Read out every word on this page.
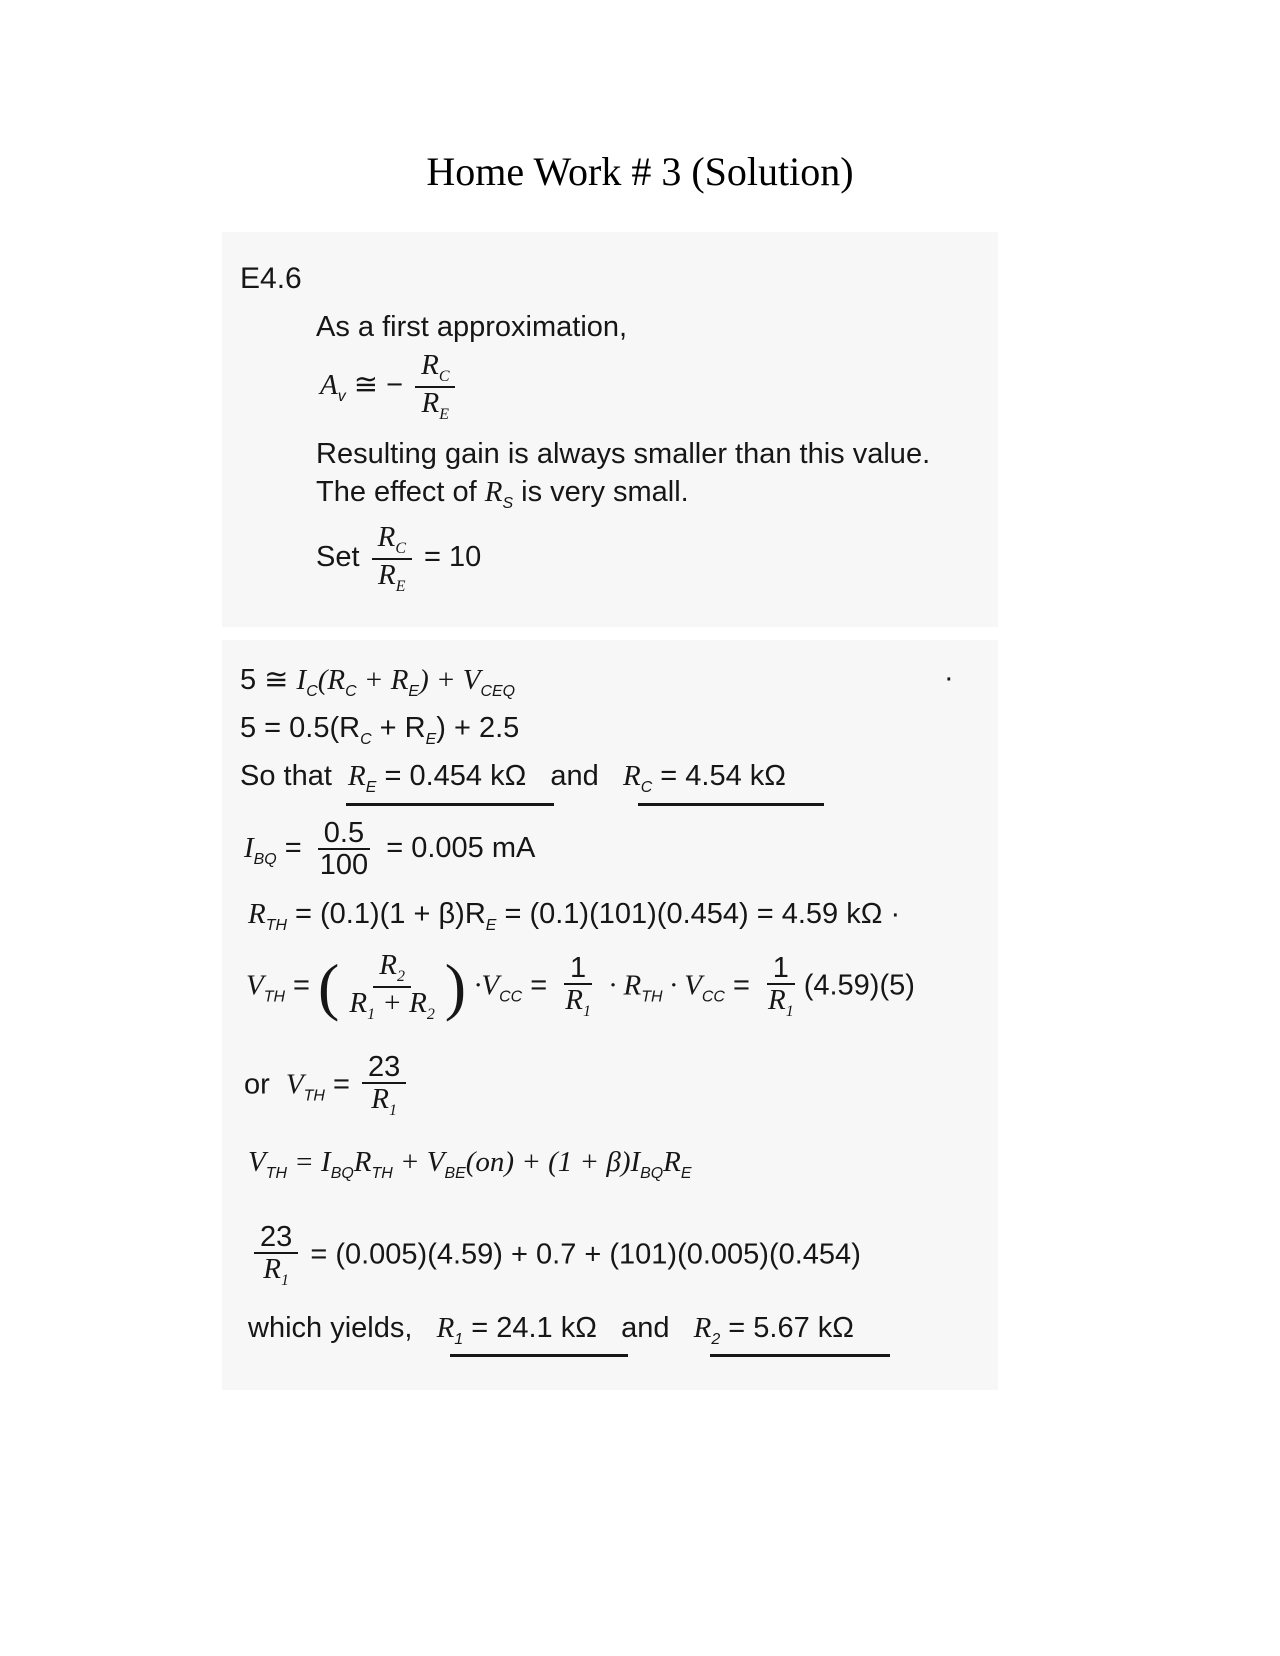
Home Work # 3 (Solution)
E4.6
As a first approximation,
$A_v$ ≅ − $\frac{R_C}{R_E}$
Resulting gain is always smaller than this value.
The effect of $R_S$ is very small.
Set $\frac{R_C}{R_E} = 10$
5 ≅ $I_C(R_C + R_E) + V_{CEQ}$	·
$5 = 0.5(R_C + R_E) + 2.5$
So that $R_E = 0.454$ kΩ and $R_C = 4.54$ kΩ
$I_{BQ} = \frac{0.5}{100} = 0.005$ mA
$R_{TH} = (0.1)(1 + \beta)R_E = (0.1)(101)(0.454) = 4.59$ kΩ ·
$V_{TH}$ = ( $\frac{R_2}{R_1 + R_2}$ ) $\cdot V_{CC} = \frac{1}{R_1} \cdot R_{TH} \cdot V_{CC} = \frac{1}{R_1} (4.59)(5)$
or $V_{TH} = \frac{23}{R_1}$
$V_{TH} = I_{BQ}R_{TH} + V_{BE}(on) + (1 + \beta)I_{BQ}R_E$
$\frac{23}{R_1} = (0.005)(4.59) + 0.7 + (101)(0.005)(0.454)$
which yields, $R_1 = 24.1$ kΩ and $R_2 = 5.67$ kΩ
